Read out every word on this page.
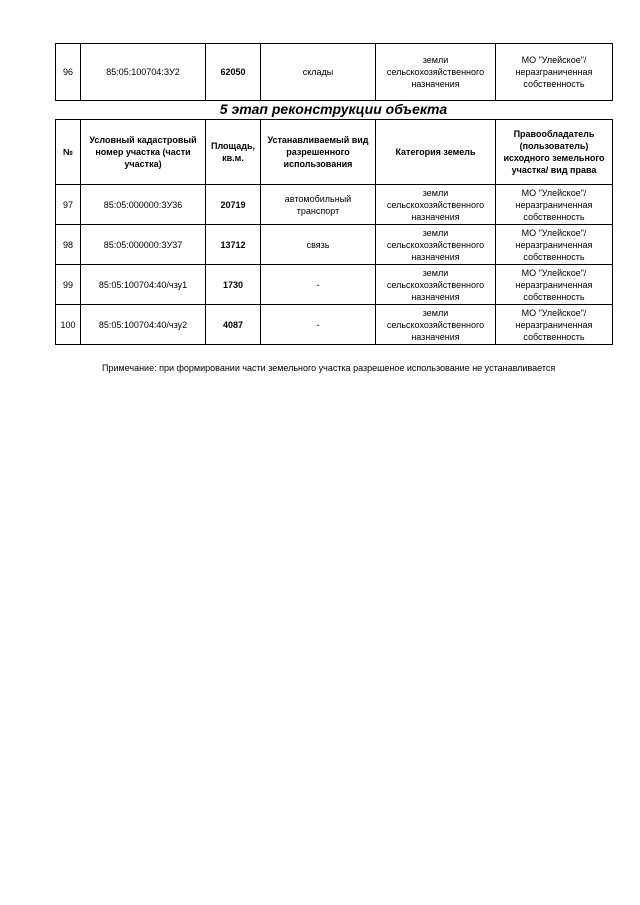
96	85:05:100704:ЗУ2	62050	склады	земли сельскохозяйственного назначения	МО "Улейское"/ неразграниченная собственность
5 этап реконструкции объекта
№	Условный кадастровый номер участка (части участка)	Площадь, кв.м.	Устанавливаемый вид разрешенного использования	Категория земель	Правообладатель (пользователь) исходного земельного участка/ вид права
97	85:05:000000:ЗУ36	20719	автомобильный транспорт	земли сельскохозяйственного назначения	МО "Улейское"/ неразграниченная собственность

98	85:05:000000:ЗУ37	13712	связь	земли сельскохозяйственного назначения	МО "Улейское"/ неразграниченная собственность

99	85:05:100704:40/чзу1	1730	-	земли сельскохозяйственного назначения	МО "Улейское"/ неразграниченная собственность

100	85:05:100704:40/чзу2	4087	-	земли сельскохозяйственного назначения	МО "Улейское"/ неразграниченная собственность
Примечание: при формировании части земельного участка разрешеное использование не устанавливается
